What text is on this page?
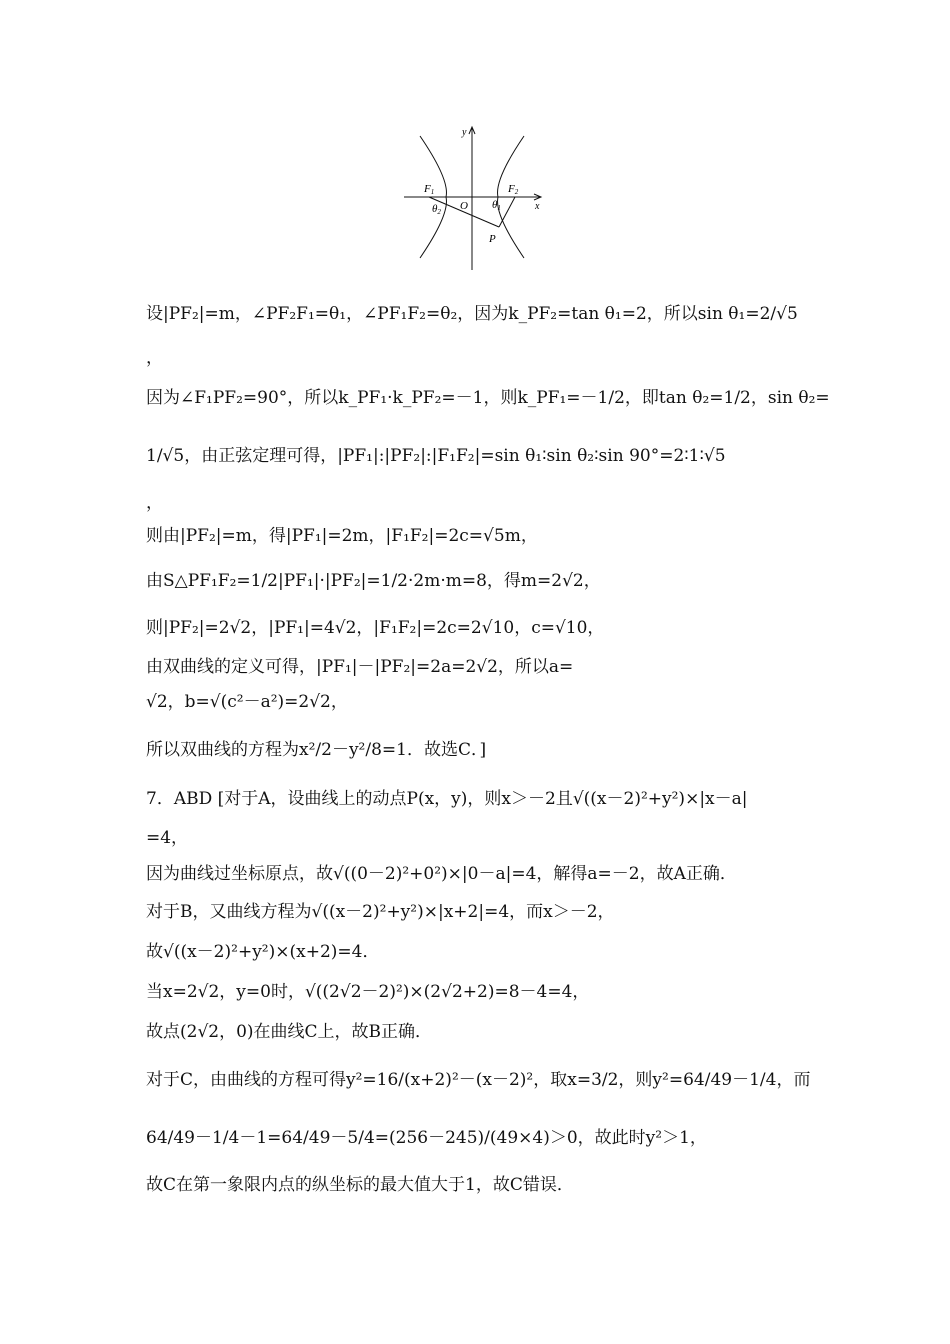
y
x
O
F1	F2
θ2
θ1
P
设|PF₂|=m，∠PF₂F₁=θ₁，∠PF₁F₂=θ₂，因为k_PF₂=tan θ₁=2，所以sin θ₁=2/√5
，
因为∠F₁PF₂=90°，所以k_PF₁·k_PF₂=－1，则k_PF₁=－1/2，即tan θ₂=1/2，sin θ₂=
1/√5，由正弦定理可得，|PF₁|:|PF₂|:|F₁F₂|=sin θ₁∶sin θ₂∶sin 90°=2∶1∶√5
，
则由|PF₂|=m，得|PF₁|=2m，|F₁F₂|=2c=√5m，
由S△PF₁F₂=1/2|PF₁|·|PF₂|=1/2·2m·m=8，得m=2√2，
则|PF₂|=2√2，|PF₁|=4√2，|F₁F₂|=2c=2√10，c=√10，
由双曲线的定义可得，|PF₁|－|PF₂|=2a=2√2，所以a=
√2，b=√(c²－a²)=2√2，
所以双曲线的方程为x²/2－y²/8=1．故选C．]
7．ABD [对于A，设曲线上的动点P(x，y)，则x＞－2且√((x－2)²+y²)×|x－a|
=4，
因为曲线过坐标原点，故√((0－2)²+0²)×|0－a|=4，解得a=－2，故A正确．
对于B，又曲线方程为√((x－2)²+y²)×|x+2|=4，而x＞－2，
故√((x－2)²+y²)×(x+2)=4．
当x=2√2，y=0时，√((2√2－2)²)×(2√2+2)=8－4=4，
故点(2√2，0)在曲线C上，故B正确．
对于C，由曲线的方程可得y²=16/(x+2)²－(x－2)²，取x=3/2，则y²=64/49－1/4，而
64/49－1/4－1=64/49－5/4=(256－245)/(49×4)＞0，故此时y²＞1，
故C在第一象限内点的纵坐标的最大值大于1，故C错误．
